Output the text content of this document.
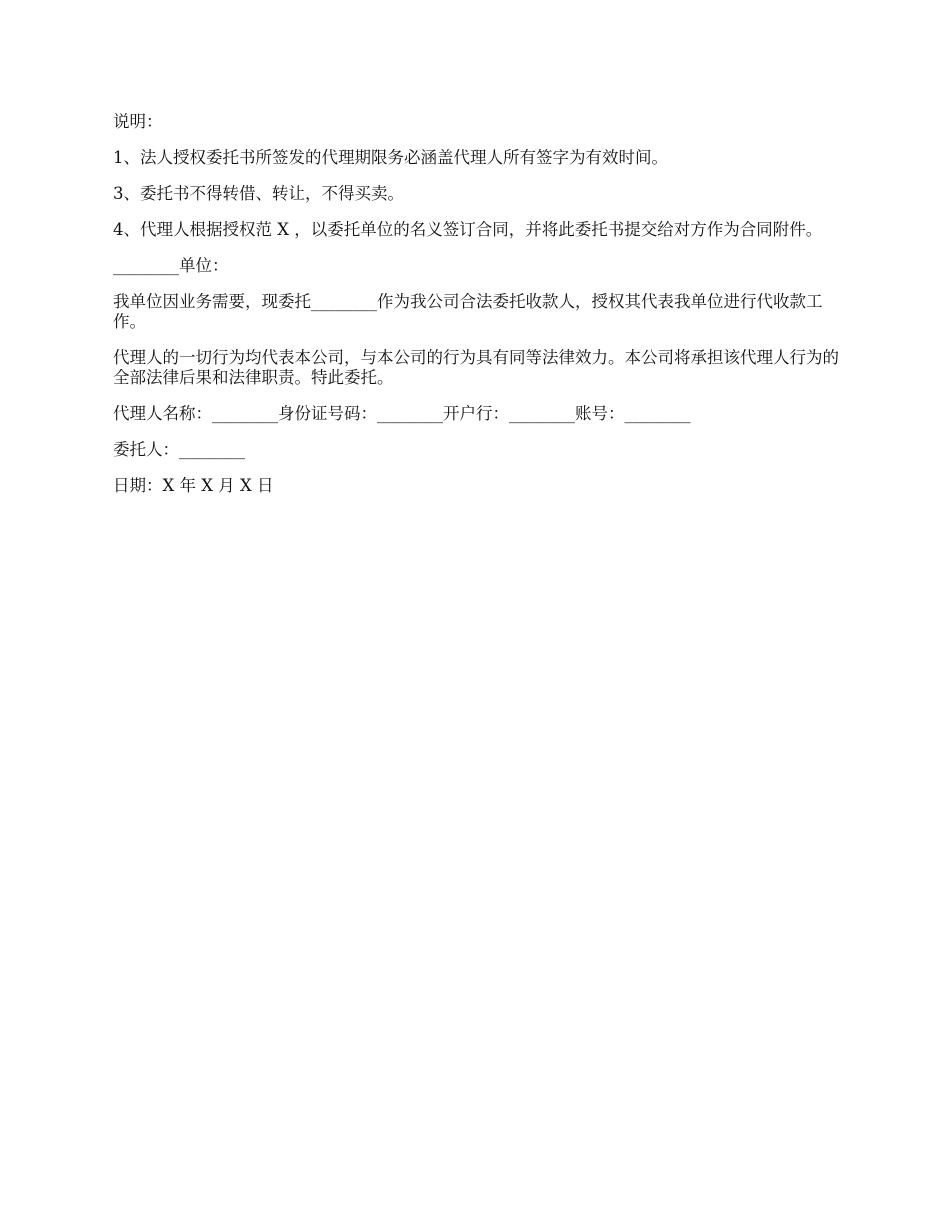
说明：

1、法人授权委托书所签发的代理期限务必涵盖代理人所有签字为有效时间。

3、委托书不得转借、转让，不得买卖。

4、代理人根据授权范 X ，以委托单位的名义签订合同，并将此委托书提交给对方作为合同附件。

________单位：

我单位因业务需要，现委托________作为我公司合法委托收款人，授权其代表我单位进行代收款工作。

代理人的一切行为均代表本公司，与本公司的行为具有同等法律效力。本公司将承担该代理人行为的全部法律后果和法律职责。特此委托。

代理人名称：________身份证号码：________开户行：________账号：________

委托人：________

日期：X 年 X 月 X 日
